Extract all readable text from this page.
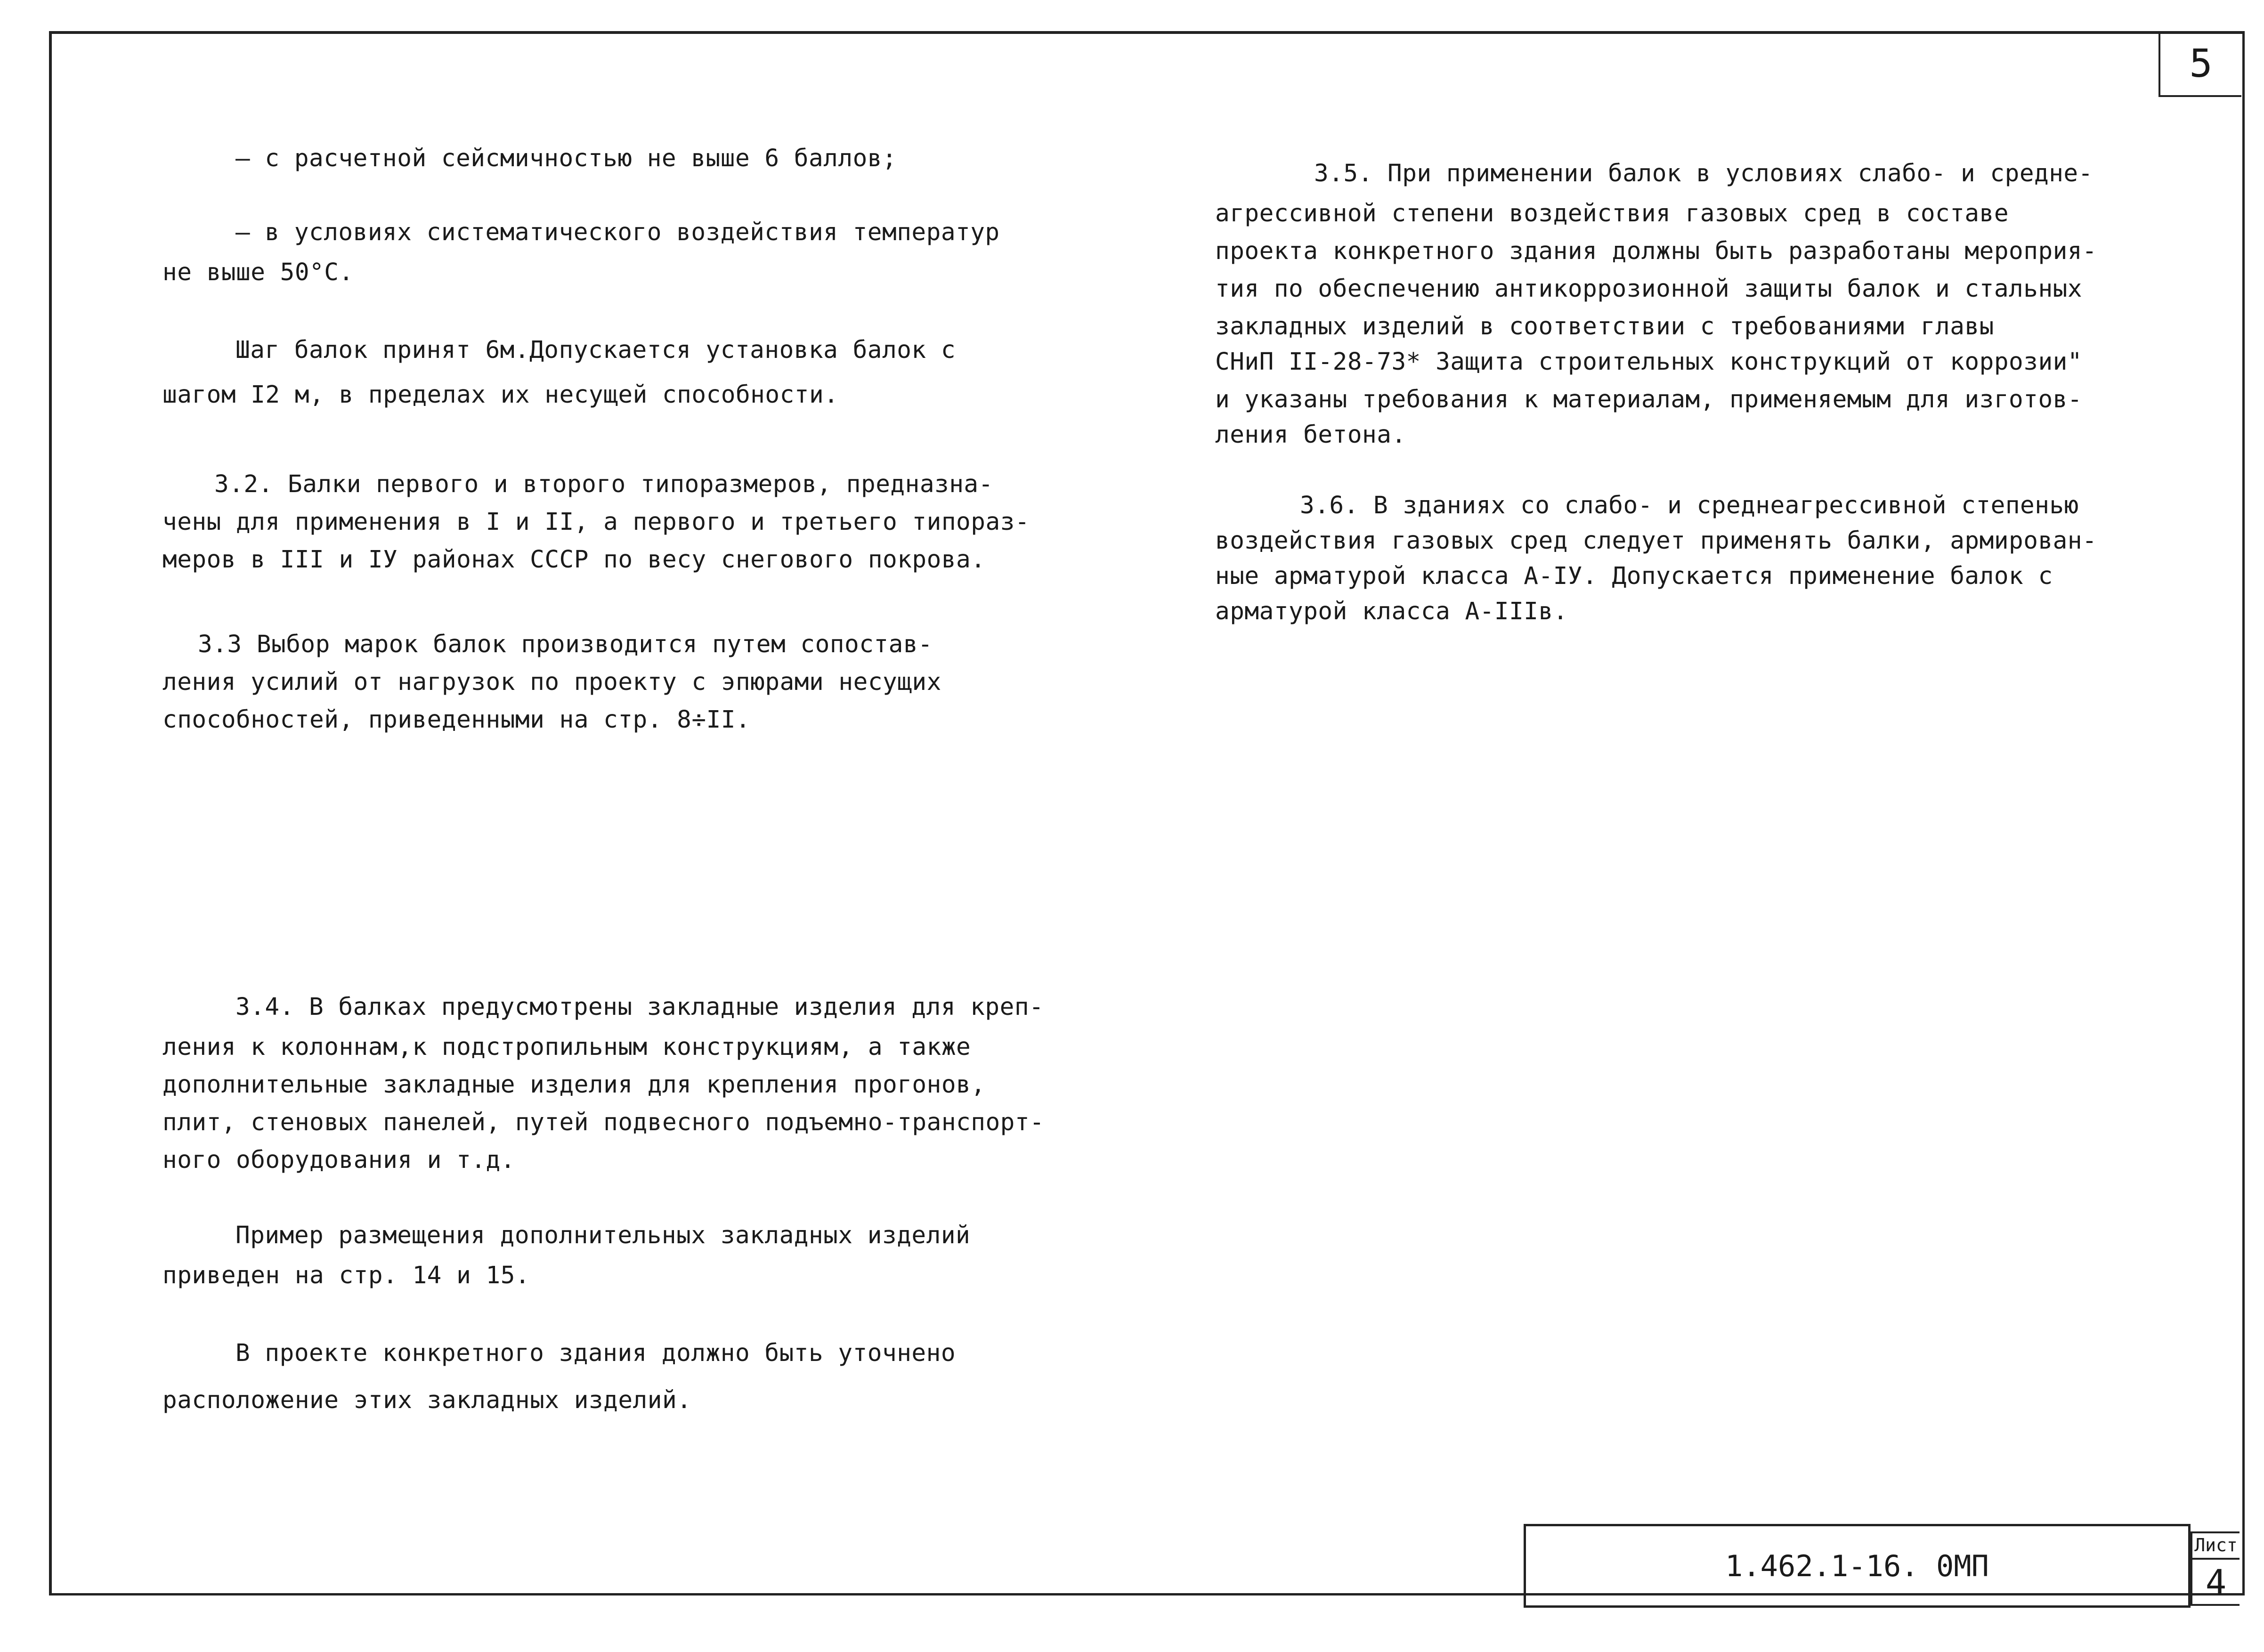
5

– с расчетной сейсмичностью не выше 6 баллов;

– в условиях систематического воздействия температур

не выше 50°С.

Шаг балок принят 6м.Допускается установка балок с

шагом I2 м, в пределах их несущей способности.

3.2. Балки первого и второго типоразмеров, предназна-

чены для применения в I и II, а первого и третьего типораз-

меров в III и IУ районах СССР по весу снегового покрова.

3.3 Выбор марок балок производится путем сопостав-

ления усилий от нагрузок по проекту с эпюрами несущих

способностей, приведенными на стр. 8÷II.

3.4. В балках предусмотрены закладные изделия для креп-

ления к колоннам,к подстропильным конструкциям, а также

дополнительные закладные изделия для крепления прогонов,

плит, стеновых панелей, путей подвесного подъемно-транспорт-

ного оборудования и т.д.

Пример размещения дополнительных закладных изделий

приведен на стр. 14 и 15.

В проекте конкретного здания должно быть уточнено

расположение этих закладных изделий.

3.5. При применении балок в условиях слабо- и средне-

агрессивной степени воздействия газовых сред в составе

проекта конкретного здания должны быть разработаны мероприя-

тия по обеспечению антикоррозионной защиты балок и стальных

закладных изделий в соответствии с требованиями главы

СНиП II-28-73* Защита строительных конструкций от коррозии"

и указаны требования к материалам, применяемым для изготов-

ления бетона.

3.6. В зданиях со слабо- и среднеагрессивной степенью

воздействия газовых сред следует применять балки, армирован-

ные арматурой класса А-IУ. Допускается применение балок с

арматурой класса А-IIIв.

1.462.1-16. 0МП
Лист
4
